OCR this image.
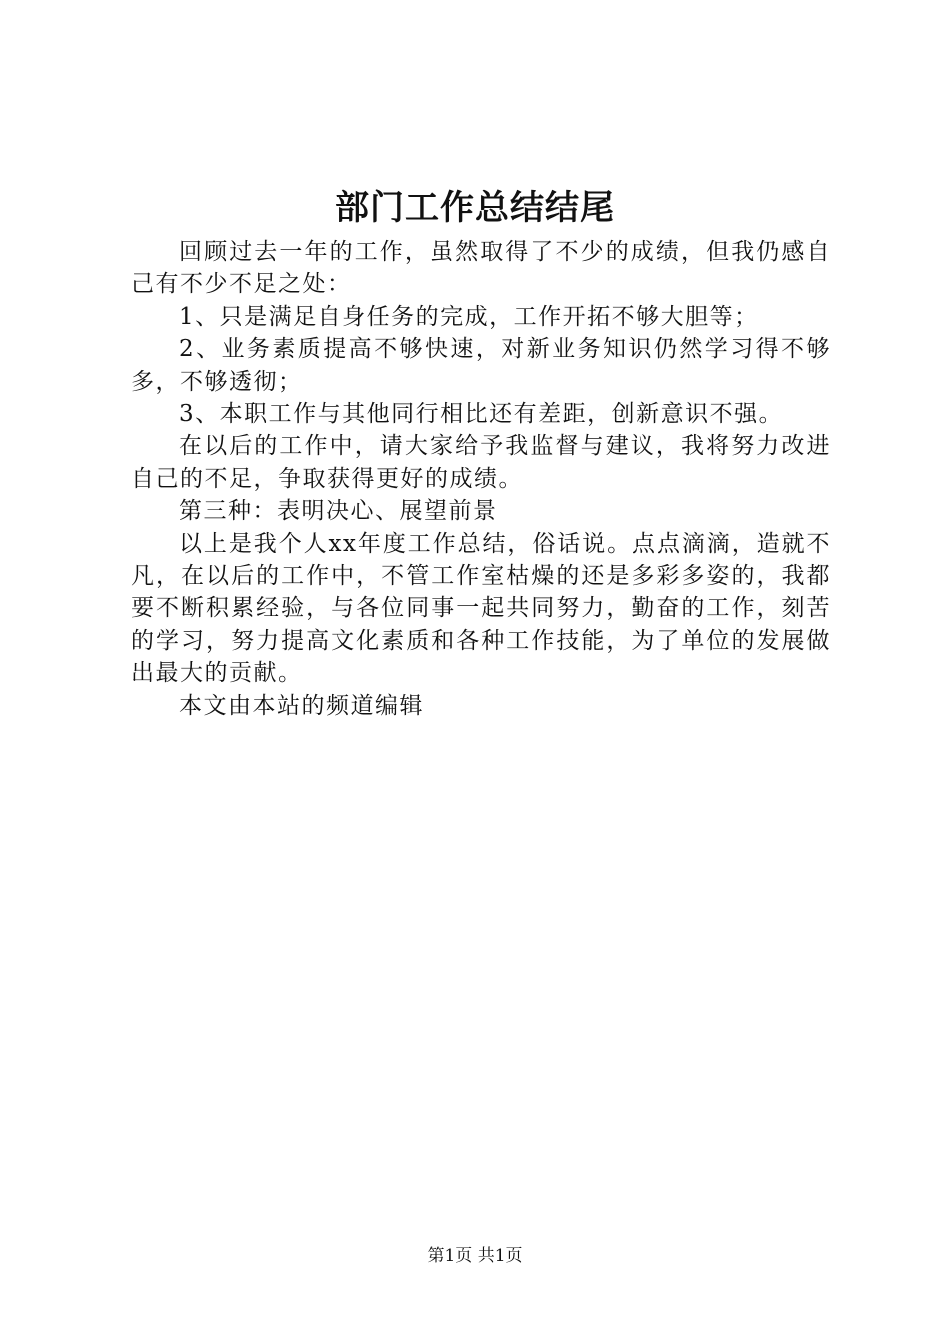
部门工作总结结尾

回顾过去一年的工作，虽然取得了不少的成绩，但我仍感自己有不少不足之处：

1、只是满足自身任务的完成，工作开拓不够大胆等；

2、业务素质提高不够快速，对新业务知识仍然学习得不够多，不够透彻；

3、本职工作与其他同行相比还有差距，创新意识不强。

在以后的工作中，请大家给予我监督与建议，我将努力改进自己的不足，争取获得更好的成绩。

第三种：表明决心、展望前景

以上是我个人xx年度工作总结，俗话说。点点滴滴，造就不凡，在以后的工作中，不管工作室枯燥的还是多彩多姿的，我都要不断积累经验，与各位同事一起共同努力，勤奋的工作，刻苦的学习，努力提高文化素质和各种工作技能，为了单位的发展做出最大的贡献。

本文由本站的频道编辑

第1页 共1页
